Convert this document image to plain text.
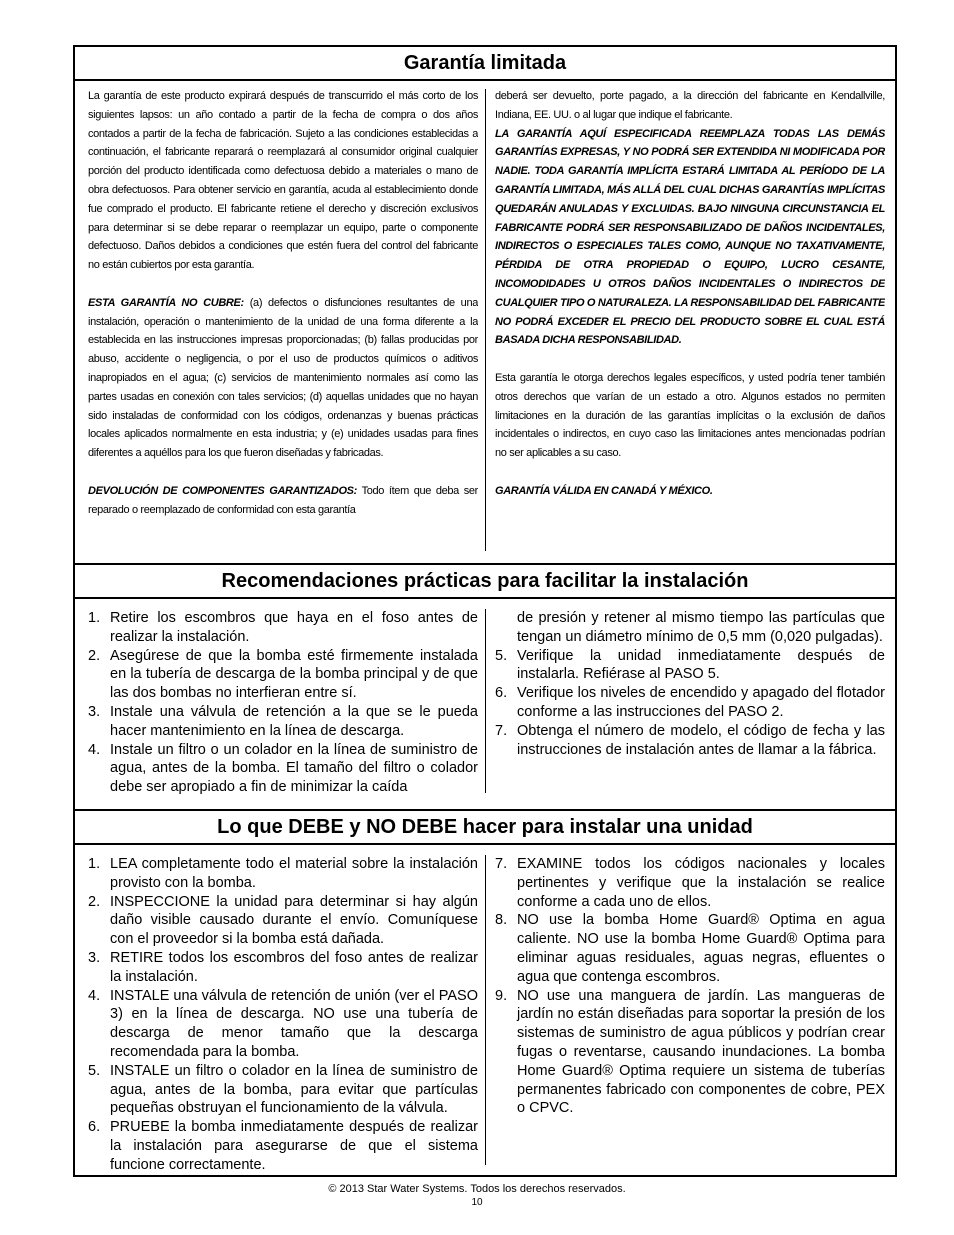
Garantía limitada

La garantía de este producto expirará después de transcurrido el más corto de los siguientes lapsos: un año contado a partir de la fecha de compra o dos años contados a partir de la fecha de fabricación. Sujeto a las condiciones establecidas a continuación, el fabricante reparará o reemplazará al consumidor original cualquier porción del producto identificada como defectuosa debido a materiales o mano de obra defectuosos. Para obtener servicio en garantía, acuda al establecimiento donde fue comprado el producto. El fabricante retiene el derecho y discreción exclusivos para determinar si se debe reparar o reemplazar un equipo, parte o componente defectuoso. Daños debidos a condiciones que estén fuera del control del fabricante no están cubiertos por esta garantía.

ESTA GARANTÍA NO CUBRE: (a) defectos o disfunciones resultantes de una instalación, operación o mantenimiento de la unidad de una forma diferente a la establecida en las instrucciones impresas proporcionadas; (b) fallas producidas por abuso, accidente o negligencia, o por el uso de productos químicos o aditivos inapropiados en el agua; (c) servicios de mantenimiento normales así como las partes usadas en conexión con tales servicios; (d) aquellas unidades que no hayan sido instaladas de conformidad con los códigos, ordenanzas y buenas prácticas locales aplicados normalmente en esta industria; y (e) unidades usadas para fines diferentes a aquéllos para los que fueron diseñadas y fabricadas.

DEVOLUCIÓN DE COMPONENTES GARANTIZADOS: Todo ítem que deba ser reparado o reemplazado de conformidad con esta garantía

deberá ser devuelto, porte pagado, a la dirección del fabricante en Kendallville, Indiana, EE. UU. o al lugar que indique el fabricante.

LA GARANTÍA AQUÍ ESPECIFICADA REEMPLAZA TODAS LAS DEMÁS GARANTÍAS EXPRESAS, Y NO PODRÁ SER EXTENDIDA NI MODIFICADA POR NADIE. TODA GARANTÍA IMPLÍCITA ESTARÁ LIMITADA AL PERÍODO DE LA GARANTÍA LIMITADA, MÁS ALLÁ DEL CUAL DICHAS GARANTÍAS IMPLÍCITAS QUEDARÁN ANULADAS Y EXCLUIDAS. BAJO NINGUNA CIRCUNSTANCIA EL FABRICANTE PODRÁ SER RESPONSABILIZADO DE DAÑOS INCIDENTALES, INDIRECTOS O ESPECIALES TALES COMO, AUNQUE NO TAXATIVAMENTE, PÉRDIDA DE OTRA PROPIEDAD O EQUIPO, LUCRO CESANTE, INCOMODIDADES U OTROS DAÑOS INCIDENTALES O INDIRECTOS DE CUALQUIER TIPO O NATURALEZA. LA RESPONSABILIDAD DEL FABRICANTE NO PODRÁ EXCEDER EL PRECIO DEL PRODUCTO SOBRE EL CUAL ESTÁ BASADA DICHA RESPONSABILIDAD.

Esta garantía le otorga derechos legales específicos, y usted podría tener también otros derechos que varían de un estado a otro. Algunos estados no permiten limitaciones en la duración de las garantías implícitas o la exclusión de daños incidentales o indirectos, en cuyo caso las limitaciones antes mencionadas podrían no ser aplicables a su caso.

GARANTÍA VÁLIDA EN CANADÁ Y MÉXICO.

Recomendaciones prácticas para facilitar la instalación
1. Retire los escombros que haya en el foso antes de realizar la instalación.
2. Asegúrese de que la bomba esté firmemente instalada en la tubería de descarga de la bomba principal y de que las dos bombas no interfieran entre sí.
3. Instale una válvula de retención a la que se le pueda hacer mantenimiento en la línea de descarga.
4. Instale un filtro o un colador en la línea de suministro de agua, antes de la bomba. El tamaño del filtro o colador debe ser apropiado a fin de minimizar la caída
de presión y retener al mismo tiempo las partículas que tengan un diámetro mínimo de 0,5 mm (0,020 pulgadas).
5. Verifique la unidad inmediatamente después de instalarla. Refiérase al PASO 5.
6. Verifique los niveles de encendido y apagado del flotador conforme a las instrucciones del PASO 2.
7. Obtenga el número de modelo, el código de fecha y las instrucciones de instalación antes de llamar a la fábrica.
Lo que DEBE y NO DEBE hacer para instalar una unidad
1. LEA completamente todo el material sobre la instalación provisto con la bomba.
2. INSPECCIONE la unidad para determinar si hay algún daño visible causado durante el envío. Comuníquese con el proveedor si la bomba está dañada.
3. RETIRE todos los escombros del foso antes de realizar la instalación.
4. INSTALE una válvula de retención de unión (ver el PASO 3) en la línea de descarga. NO use una tubería de descarga de menor tamaño que la descarga recomendada para la bomba.
5. INSTALE un filtro o colador en la línea de suministro de agua, antes de la bomba, para evitar que partículas pequeñas obstruyan el funcionamiento de la válvula.
6. PRUEBE la bomba inmediatamente después de realizar la instalación para asegurarse de que el sistema funcione correctamente.
7. EXAMINE todos los códigos nacionales y locales pertinentes y verifique que la instalación se realice conforme a cada uno de ellos.
8. NO use la bomba Home Guard® Optima en agua caliente. NO use la bomba Home Guard® Optima para eliminar aguas residuales, aguas negras, efluentes o agua que contenga escombros.
9. NO use una manguera de jardín. Las mangueras de jardín no están diseñadas para soportar la presión de los sistemas de suministro de agua públicos y podrían crear fugas o reventarse, causando inundaciones. La bomba Home Guard® Optima requiere un sistema de tuberías permanentes fabricado con componentes de cobre, PEX o CPVC.
© 2013 Star Water Systems. Todos los derechos reservados.
10
